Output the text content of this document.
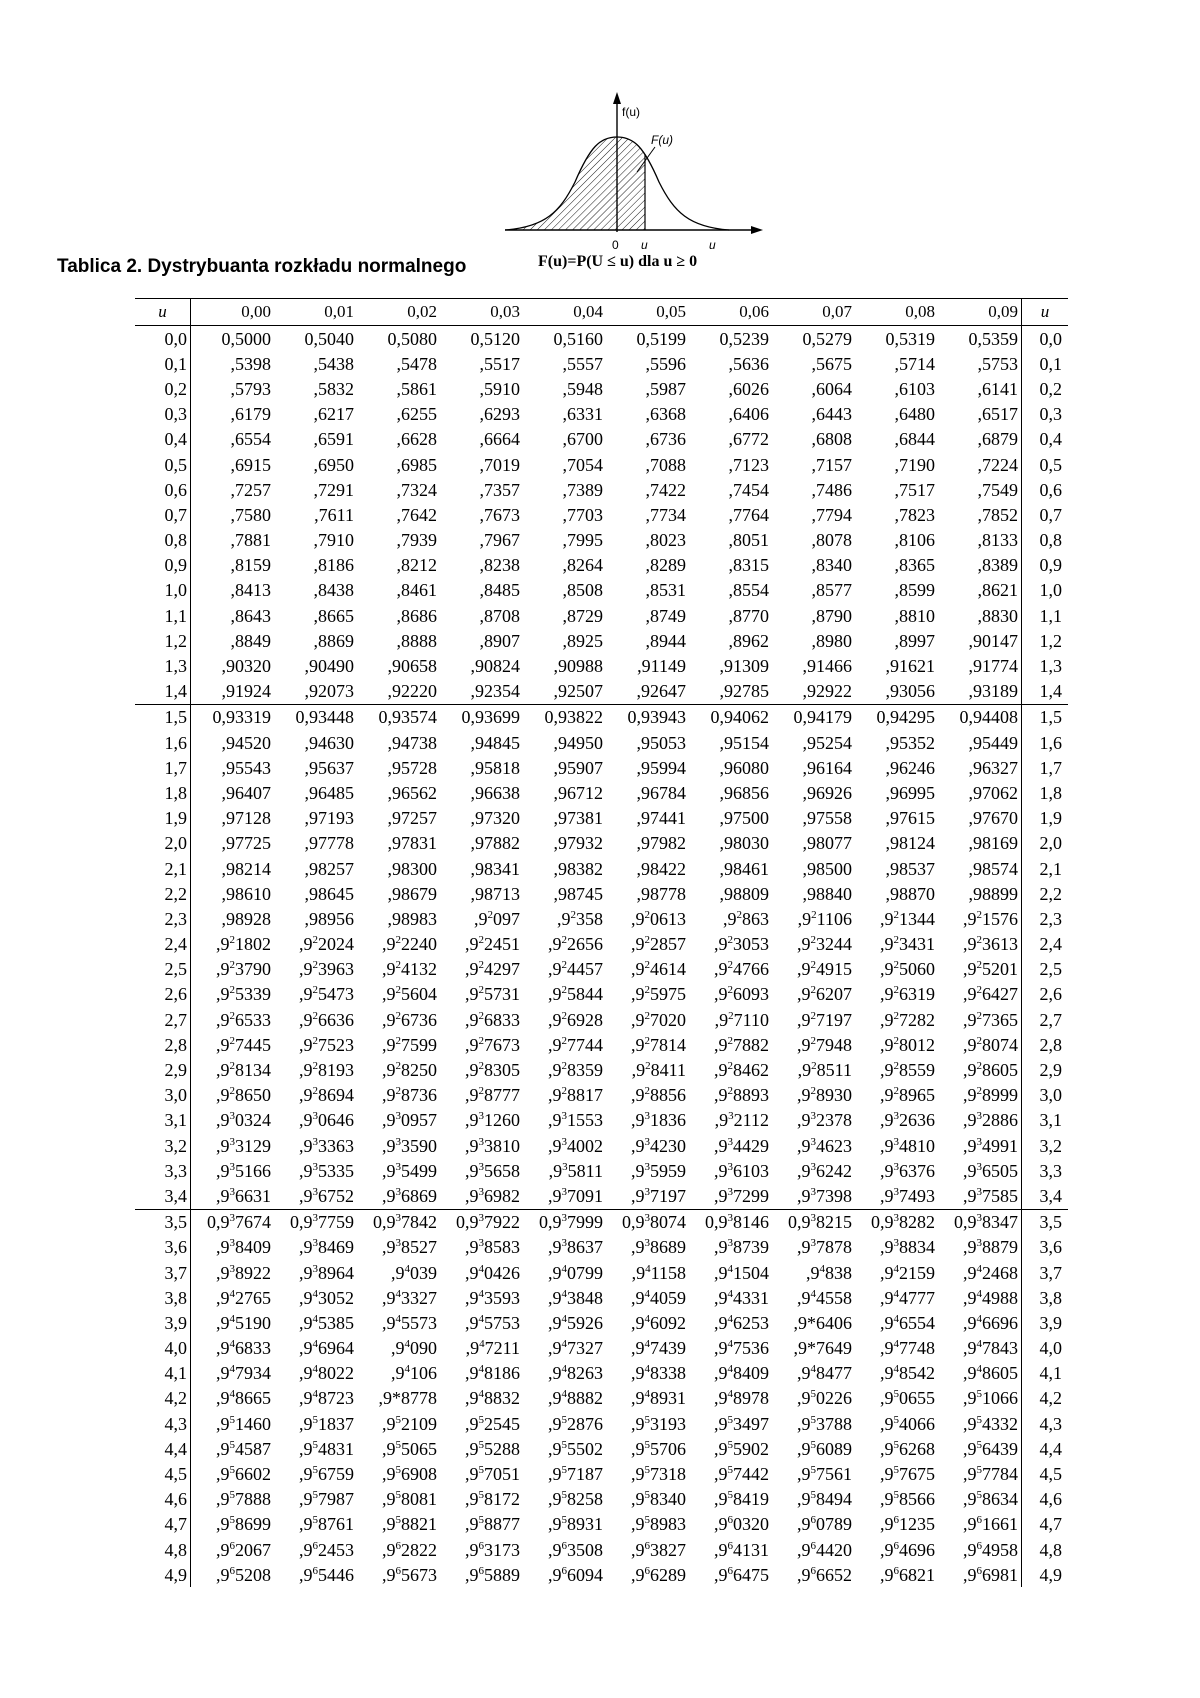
f(u)
F(u)
0 u	u
Tablica 2. Dystrybuanta rozkładu normalnego	F(u)=P(U ≤ u) dla u ≥ 0
u	0,00	0,01	0,02	0,03	0,04	0,05	0,06	0,07	0,08	0,09	u
0,0	0,5000	0,5040	0,5080	0,5120	0,5160	0,5199	0,5239	0,5279	0,5319	0,5359	0,0
0,1	,5398	,5438	,5478	,5517	,5557	,5596	,5636	,5675	,5714	,5753	0,1
0,2	,5793	,5832	,5861	,5910	,5948	,5987	,6026	,6064	,6103	,6141	0,2
0,3	,6179	,6217	,6255	,6293	,6331	,6368	,6406	,6443	,6480	,6517	0,3
0,4	,6554	,6591	,6628	,6664	,6700	,6736	,6772	,6808	,6844	,6879	0,4
0,5	,6915	,6950	,6985	,7019	,7054	,7088	,7123	,7157	,7190	,7224	0,5
0,6	,7257	,7291	,7324	,7357	,7389	,7422	,7454	,7486	,7517	,7549	0,6
0,7	,7580	,7611	,7642	,7673	,7703	,7734	,7764	,7794	,7823	,7852	0,7
0,8	,7881	,7910	,7939	,7967	,7995	,8023	,8051	,8078	,8106	,8133	0,8
0,9	,8159	,8186	,8212	,8238	,8264	,8289	,8315	,8340	,8365	,8389	0,9
1,0	,8413	,8438	,8461	,8485	,8508	,8531	,8554	,8577	,8599	,8621	1,0
1,1	,8643	,8665	,8686	,8708	,8729	,8749	,8770	,8790	,8810	,8830	1,1
1,2	,8849	,8869	,8888	,8907	,8925	,8944	,8962	,8980	,8997	,90147	1,2
1,3	,90320	,90490	,90658	,90824	,90988	,91149	,91309	,91466	,91621	,91774	1,3
1,4	,91924	,92073	,92220	,92354	,92507	,92647	,92785	,92922	,93056	,93189	1,4
1,5	0,93319	0,93448	0,93574	0,93699	0,93822	0,93943	0,94062	0,94179	0,94295	0,94408	1,5
1,6	,94520	,94630	,94738	,94845	,94950	,95053	,95154	,95254	,95352	,95449	1,6
1,7	,95543	,95637	,95728	,95818	,95907	,95994	,96080	,96164	,96246	,96327	1,7
1,8	,96407	,96485	,96562	,96638	,96712	,96784	,96856	,96926	,96995	,97062	1,8
1,9	,97128	,97193	,97257	,97320	,97381	,97441	,97500	,97558	,97615	,97670	1,9
2,0	,97725	,97778	,97831	,97882	,97932	,97982	,98030	,98077	,98124	,98169	2,0
2,1	,98214	,98257	,98300	,98341	,98382	,98422	,98461	,98500	,98537	,98574	2,1
2,2	,98610	,98645	,98679	,98713	,98745	,98778	,98809	,98840	,98870	,98899	2,2
2,3	,98928	,98956	,98983	$,9^2097$	$,9^2358$	$,9^20613$	$,9^2863$	$,9^21106$	$,9^21344$	$,9^21576$	2,3
2,4	$,9^21802$	$,9^22024$	$,9^22240$	$,9^22451$	$,9^22656$	$,9^22857$	$,9^23053$	$,9^23244$	$,9^23431$	$,9^23613$	2,4
2,5	$,9^23790$	$,9^23963$	$,9^24132$	$,9^24297$	$,9^24457$	$,9^24614$	$,9^24766$	$,9^24915$	$,9^25060$	$,9^25201$	2,5
2,6	$,9^25339$	$,9^25473$	$,9^25604$	$,9^25731$	$,9^25844$	$,9^25975$	$,9^26093$	$,9^26207$	$,9^26319$	$,9^26427$	2,6
2,7	$,9^26533$	$,9^26636$	$,9^26736$	$,9^26833$	$,9^26928$	$,9^27020$	$,9^27110$	$,9^27197$	$,9^27282$	$,9^27365$	2,7
2,8	$,9^27445$	$,9^27523$	$,9^27599$	$,9^27673$	$,9^27744$	$,9^27814$	$,9^27882$	$,9^27948$	$,9^28012$	$,9^28074$	2,8
2,9	$,9^28134$	$,9^28193$	$,9^28250$	$,9^28305$	$,9^28359$	$,9^28411$	$,9^28462$	$,9^28511$	$,9^28559$	$,9^28605$	2,9
3,0	$,9^28650$	$,9^28694$	$,9^28736$	$,9^28777$	$,9^28817$	$,9^28856$	$,9^28893$	$,9^28930$	$,9^28965$	$,9^28999$	3,0
3,1	$,9^30324$	$,9^30646$	$,9^30957$	$,9^31260$	$,9^31553$	$,9^31836$	$,9^32112$	$,9^32378$	$,9^32636$	$,9^32886$	3,1
3,2	$,9^33129$	$,9^33363$	$,9^33590$	$,9^33810$	$,9^34002$	$,9^34230$	$,9^34429$	$,9^34623$	$,9^34810$	$,9^34991$	3,2
3,3	$,9^35166$	$,9^35335$	$,9^35499$	$,9^35658$	$,9^35811$	$,9^35959$	$,9^36103$	$,9^36242$	$,9^36376$	$,9^36505$	3,3
3,4	$,9^36631$	$,9^36752$	$,9^36869$	$,9^36982$	$,9^37091$	$,9^37197$	$,9^37299$	$,9^37398$	$,9^37493$	$,9^37585$	3,4
3,5	$0,9^37674$	$0,9^37759$	$0,9^37842$	$0,9^37922$	$0,9^37999$	$0,9^38074$	$0,9^38146$	$0,9^38215$	$0,9^38282$	$0,9^38347$	3,5
3,6	$,9^38409$	$,9^38469$	$,9^38527$	$,9^38583$	$,9^38637$	$,9^38689$	$,9^38739$	$,9^37878$	$,9^38834$	$,9^38879$	3,6
3,7	$,9^38922$	$,9^38964$	$,9^4039$	$,9^40426$	$,9^40799$	$,9^41158$	$,9^41504$	$,9^4838$	$,9^42159$	$,9^42468$	3,7
3,8	$,9^42765$	$,9^43052$	$,9^43327$	$,9^43593$	$,9^43848$	$,9^44059$	$,9^44331$	$,9^44558$	$,9^44777$	$,9^44988$	3,8
3,9	$,9^45190$	$,9^45385$	$,9^45573$	$,9^45753$	$,9^45926$	$,9^46092$	$,9^46253$	,9*6406	$,9^46554$	$,9^46696$	3,9
4,0	$,9^46833$	$,9^46964$	$,9^4090$	$,9^47211$	$,9^47327$	$,9^47439$	$,9^47536$	,9*7649	$,9^47748$	$,9^47843$	4,0
4,1	$,9^47934$	$,9^48022$	$,9^4106$	$,9^48186$	$,9^48263$	$,9^48338$	$,9^48409$	$,9^48477$	$,9^48542$	$,9^48605$	4,1
4,2	$,9^48665$	$,9^48723$	,9*8778	$,9^48832$	$,9^48882$	$,9^48931$	$,9^48978$	$,9^50226$	$,9^50655$	$,9^51066$	4,2
4,3	$,9^51460$	$,9^51837$	$,9^52109$	$,9^52545$	$,9^52876$	$,9^53193$	$,9^53497$	$,9^53788$	$,9^54066$	$,9^54332$	4,3
4,4	$,9^54587$	$,9^54831$	$,9^55065$	$,9^55288$	$,9^55502$	$,9^55706$	$,9^55902$	$,9^56089$	$,9^56268$	$,9^56439$	4,4
4,5	$,9^56602$	$,9^56759$	$,9^56908$	$,9^57051$	$,9^57187$	$,9^57318$	$,9^57442$	$,9^57561$	$,9^57675$	$,9^57784$	4,5
4,6	$,9^57888$	$,9^57987$	$,9^58081$	$,9^58172$	$,9^58258$	$,9^58340$	$,9^58419$	$,9^58494$	$,9^58566$	$,9^58634$	4,6
4,7	$,9^58699$	$,9^58761$	$,9^58821$	$,9^58877$	$,9^58931$	$,9^58983$	$,9^60320$	$,9^60789$	$,9^61235$	$,9^61661$	4,7
4,8	$,9^62067$	$,9^62453$	$,9^62822$	$,9^63173$	$,9^63508$	$,9^63827$	$,9^64131$	$,9^64420$	$,9^64696$	$,9^64958$	4,8
4,9	$,9^65208$	$,9^65446$	$,9^65673$	$,9^65889$	$,9^66094$	$,9^66289$	$,9^66475$	$,9^66652$	$,9^66821$	$,9^66981$	4,9
